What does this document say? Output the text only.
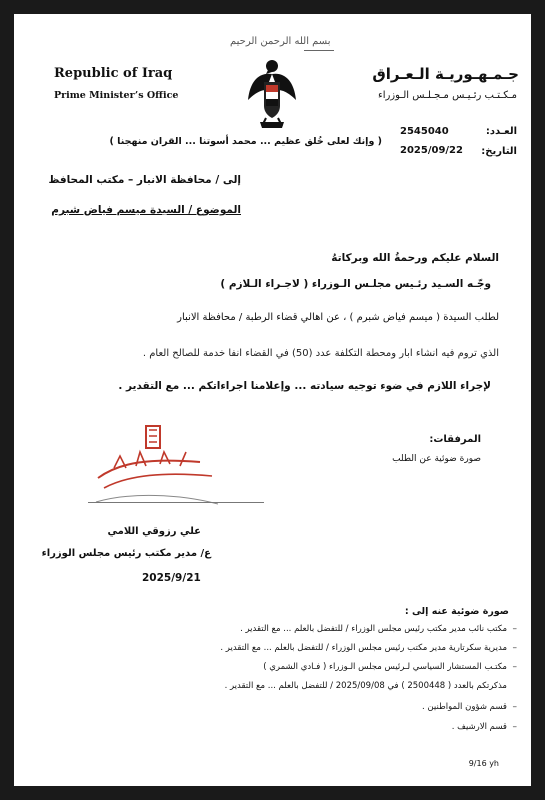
بسم الله الرحمن الرحيم
Republic of Iraq
Prime Minister’s Office
جـمـهـوريـة الـعـراق
مـكـتـب رئـيـس مـجـلـس الـوزراء
العـدد:
2545040
التاريخ:
2025/09/22
( وإنك لعلى خُلق عظيم ... محمد أسوتنا ... القران منهجنا )
إلى / محافظة الانبار – مكتب المحافظ
الموضوع / السيدة ميسم فياض شبرم
السلام عليكم ورحمةُ الله وبركاتهُ
وجّـه السـيد رئـيس مجلـس الـوزراء ( لاجـراء الـلازم )
لطلب السيدة ( ميسم فياض شبرم ) ، عن اهالي قضاء الرطبة / محافظة الانبار
الذي تروم فيه انشاء ابار ومحطة التكلفة عدد (50) في القضاء انفا خدمة للصالح العام .
لإجراء اللازم في ضوء توجيه سيادته ... وإعلامنا اجراءاتكم ... مع التقدير .
المرفقات:
صورة ضوئية عن الطلب
علي رزوقي اللامي
ع/ مدير مكتب رئيس مجلس الوزراء
2025/9/21
صورة ضوئية عنه إلى :
–
مكتب نائب مدير مكتب رئيس مجلس الوزراء / للتفضل بالعلم ... مع التقدير .
–
مديرية سكرتارية مدير مكتب رئيس مجلس الوزراء / للتفضل بالعلم ... مع التقدير .
–
مكتـب المستشار السياسي لـرئيس مجلس الـوزراء ( فـادي الشمري )
مذكرتكم بالعدد ( 2500448 ) في 2025/09/08 / للتفضل بالعلم ... مع التقدير .
–
قسم شؤون المواطنين .
–
قسم الارشيف .
9/16 yh
